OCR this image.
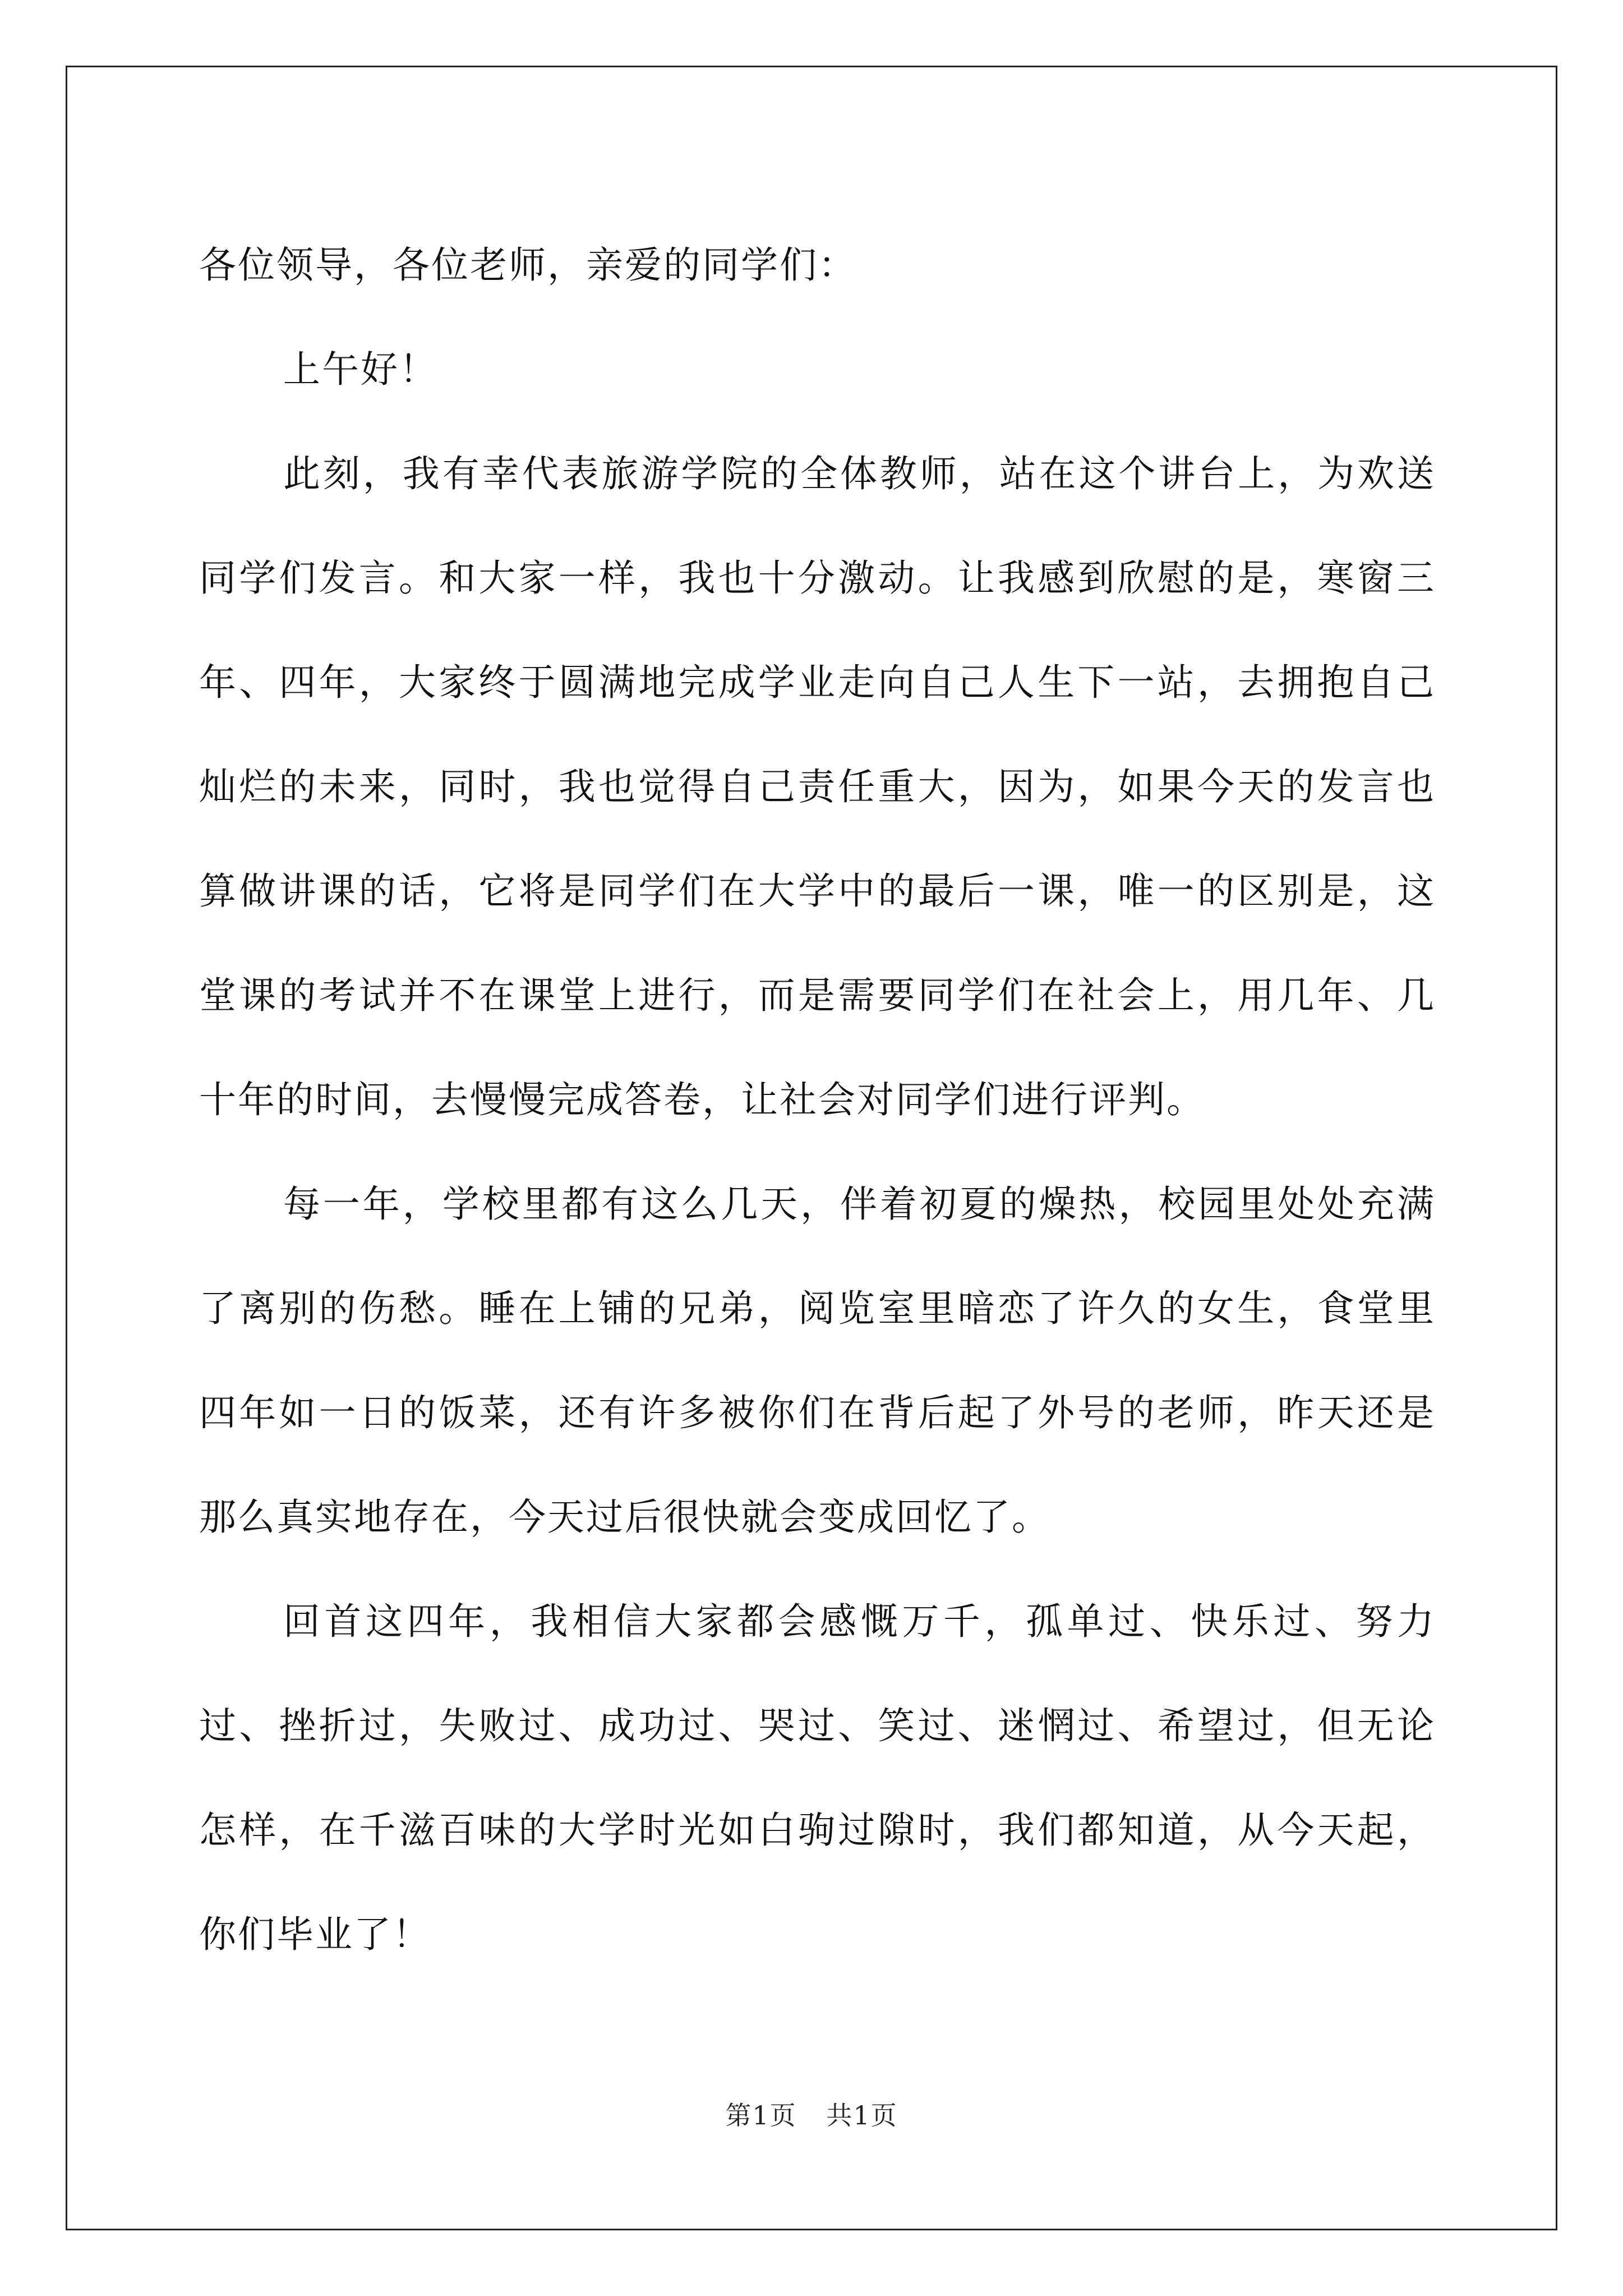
各位领导，各位老师，亲爱的同学们：

上午好！

此刻，我有幸代表旅游学院的全体教师，站在这个讲台上，为欢送同学们发言。和大家一样，我也十分激动。让我感到欣慰的是，寒窗三年、四年，大家终于圆满地完成学业走向自己人生下一站，去拥抱自己灿烂的未来，同时，我也觉得自己责任重大，因为，如果今天的发言也算做讲课的话，它将是同学们在大学中的最后一课，唯一的区别是，这堂课的考试并不在课堂上进行，而是需要同学们在社会上，用几年、几十年的时间，去慢慢完成答卷，让社会对同学们进行评判。

每一年，学校里都有这么几天，伴着初夏的燥热，校园里处处充满了离别的伤愁。睡在上铺的兄弟，阅览室里暗恋了许久的女生，食堂里四年如一日的饭菜，还有许多被你们在背后起了外号的老师，昨天还是那么真实地存在，今天过后很快就会变成回忆了。

回首这四年，我相信大家都会感慨万千，孤单过、快乐过、努力过、挫折过，失败过、成功过、哭过、笑过、迷惘过、希望过，但无论怎样，在千滋百味的大学时光如白驹过隙时，我们都知道，从今天起，你们毕业了！

第1页 共1页
